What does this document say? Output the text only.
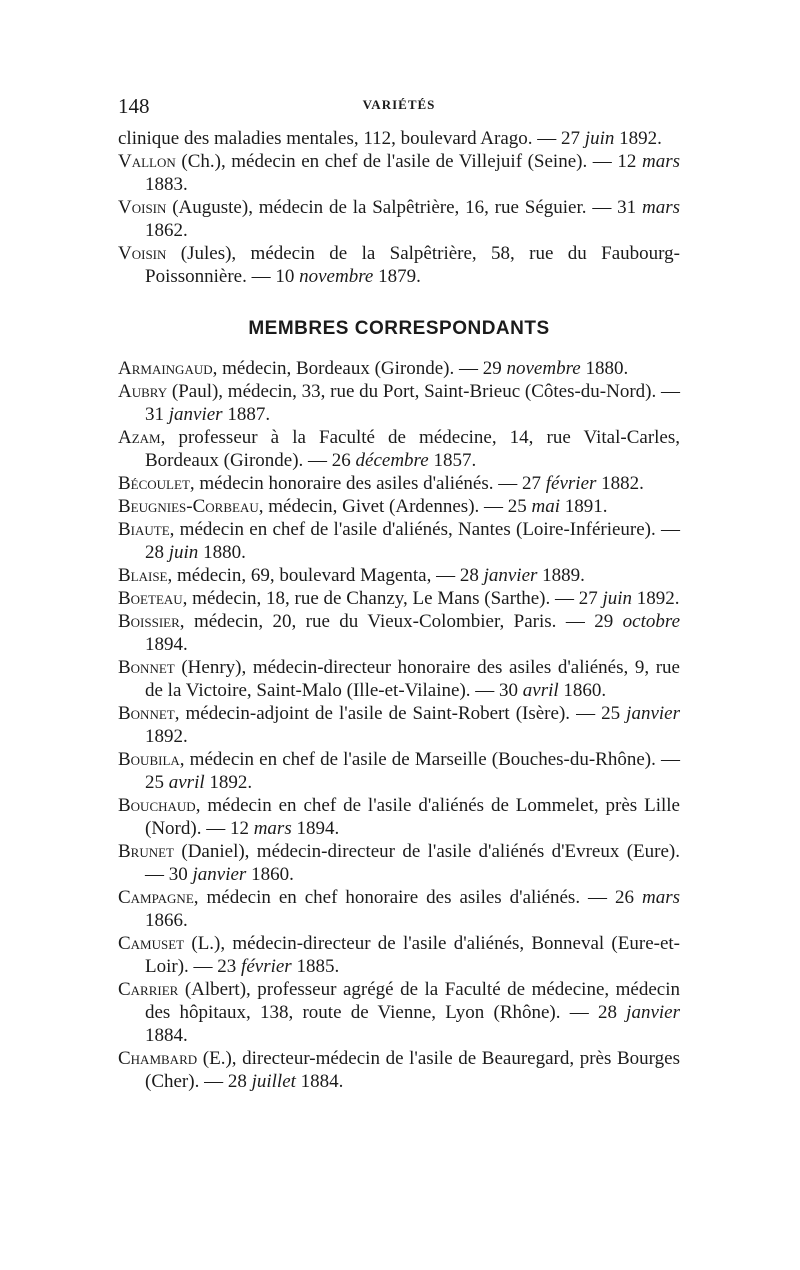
148	VARIÉTÉS
clinique des maladies mentales, 112, boulevard Arago. — 27 juin 1892.
Vallon (Ch.), médecin en chef de l'asile de Villejuif (Seine). — 12 mars 1883.
Voisin (Auguste), médecin de la Salpêtrière, 16, rue Séguier. — 31 mars 1862.
Voisin (Jules), médecin de la Salpêtrière, 58, rue du Faubourg-Poissonnière. — 10 novembre 1879.
MEMBRES CORRESPONDANTS
Armaingaud, médecin, Bordeaux (Gironde). — 29 novembre 1880.
Aubry (Paul), médecin, 33, rue du Port, Saint-Brieuc (Côtes-du-Nord). — 31 janvier 1887.
Azam, professeur à la Faculté de médecine, 14, rue Vital-Carles, Bordeaux (Gironde). — 26 décembre 1857.
Bécoulet, médecin honoraire des asiles d'aliénés. — 27 février 1882.
Beugnies-Corbeau, médecin, Givet (Ardennes). — 25 mai 1891.
Biaute, médecin en chef de l'asile d'aliénés, Nantes (Loire-Inférieure). — 28 juin 1880.
Blaise, médecin, 69, boulevard Magenta, — 28 janvier 1889.
Boeteau, médecin, 18, rue de Chanzy, Le Mans (Sarthe). — 27 juin 1892.
Boissier, médecin, 20, rue du Vieux-Colombier, Paris. — 29 octobre 1894.
Bonnet (Henry), médecin-directeur honoraire des asiles d'aliénés, 9, rue de la Victoire, Saint-Malo (Ille-et-Vilaine). — 30 avril 1860.
Bonnet, médecin-adjoint de l'asile de Saint-Robert (Isère). — 25 janvier 1892.
Boubila, médecin en chef de l'asile de Marseille (Bouches-du-Rhône). — 25 avril 1892.
Bouchaud, médecin en chef de l'asile d'aliénés de Lommelet, près Lille (Nord). — 12 mars 1894.
Brunet (Daniel), médecin-directeur de l'asile d'aliénés d'Evreux (Eure). — 30 janvier 1860.
Campagne, médecin en chef honoraire des asiles d'aliénés. — 26 mars 1866.
Camuset (L.), médecin-directeur de l'asile d'aliénés, Bonneval (Eure-et-Loir). — 23 février 1885.
Carrier (Albert), professeur agrégé de la Faculté de médecine, médecin des hôpitaux, 138, route de Vienne, Lyon (Rhône). — 28 janvier 1884.
Chambard (E.), directeur-médecin de l'asile de Beauregard, près Bourges (Cher). — 28 juillet 1884.
